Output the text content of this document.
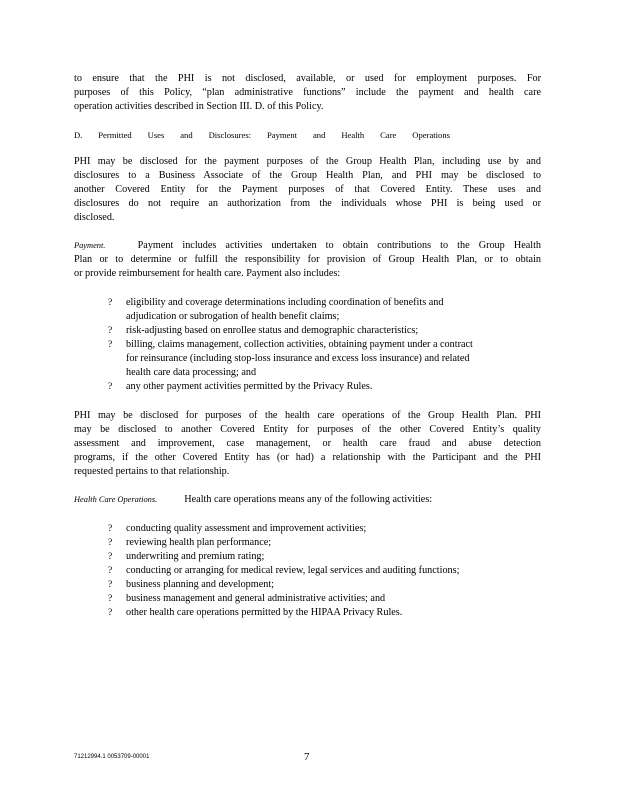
to ensure that the PHI is not disclosed, available, or used for employment purposes. For
purposes of this Policy, “plan administrative functions” include the payment and health care
operation activities described in Section III. D. of this Policy.
D. Permitted Uses and Disclosures: Payment and Health Care Operations
PHI may be disclosed for the payment purposes of the Group Health Plan, including use by and
disclosures to a Business Associate of the Group Health Plan, and PHI may be disclosed to
another Covered Entity for the Payment purposes of that Covered Entity. These uses and
disclosures do not require an authorization from the individuals whose PHI is being used or
disclosed.
Payment.	Payment includes activities undertaken to obtain contributions to the Group Health
Plan or to determine or fulfill the responsibility for provision of Group Health Plan, or to obtain
or provide reimbursement for health care. Payment also includes:
?	eligibility and coverage determinations including coordination of benefits and
adjudication or subrogation of health benefit claims;
?	risk-adjusting based on enrollee status and demographic characteristics;
?	billing, claims management, collection activities, obtaining payment under a contract
for reinsurance (including stop-loss insurance and excess loss insurance) and related
health care data processing; and
?	any other payment activities permitted by the Privacy Rules.
PHI may be disclosed for purposes of the health care operations of the Group Health Plan. PHI
may be disclosed to another Covered Entity for purposes of the other Covered Entity’s quality
assessment and improvement, case management, or health care fraud and abuse detection
programs, if the other Covered Entity has (or had) a relationship with the Participant and the PHI
requested pertains to that relationship.
Health Care Operations.	Health care operations means any of the following activities:
?	conducting quality assessment and improvement activities;
?	reviewing health plan performance;
?	underwriting and premium rating;
?	conducting or arranging for medical review, legal services and auditing functions;
?	business planning and development;
?	business management and general administrative activities; and
?	other health care operations permitted by the HIPAA Privacy Rules.
71212994.1 0053709-00001	7
